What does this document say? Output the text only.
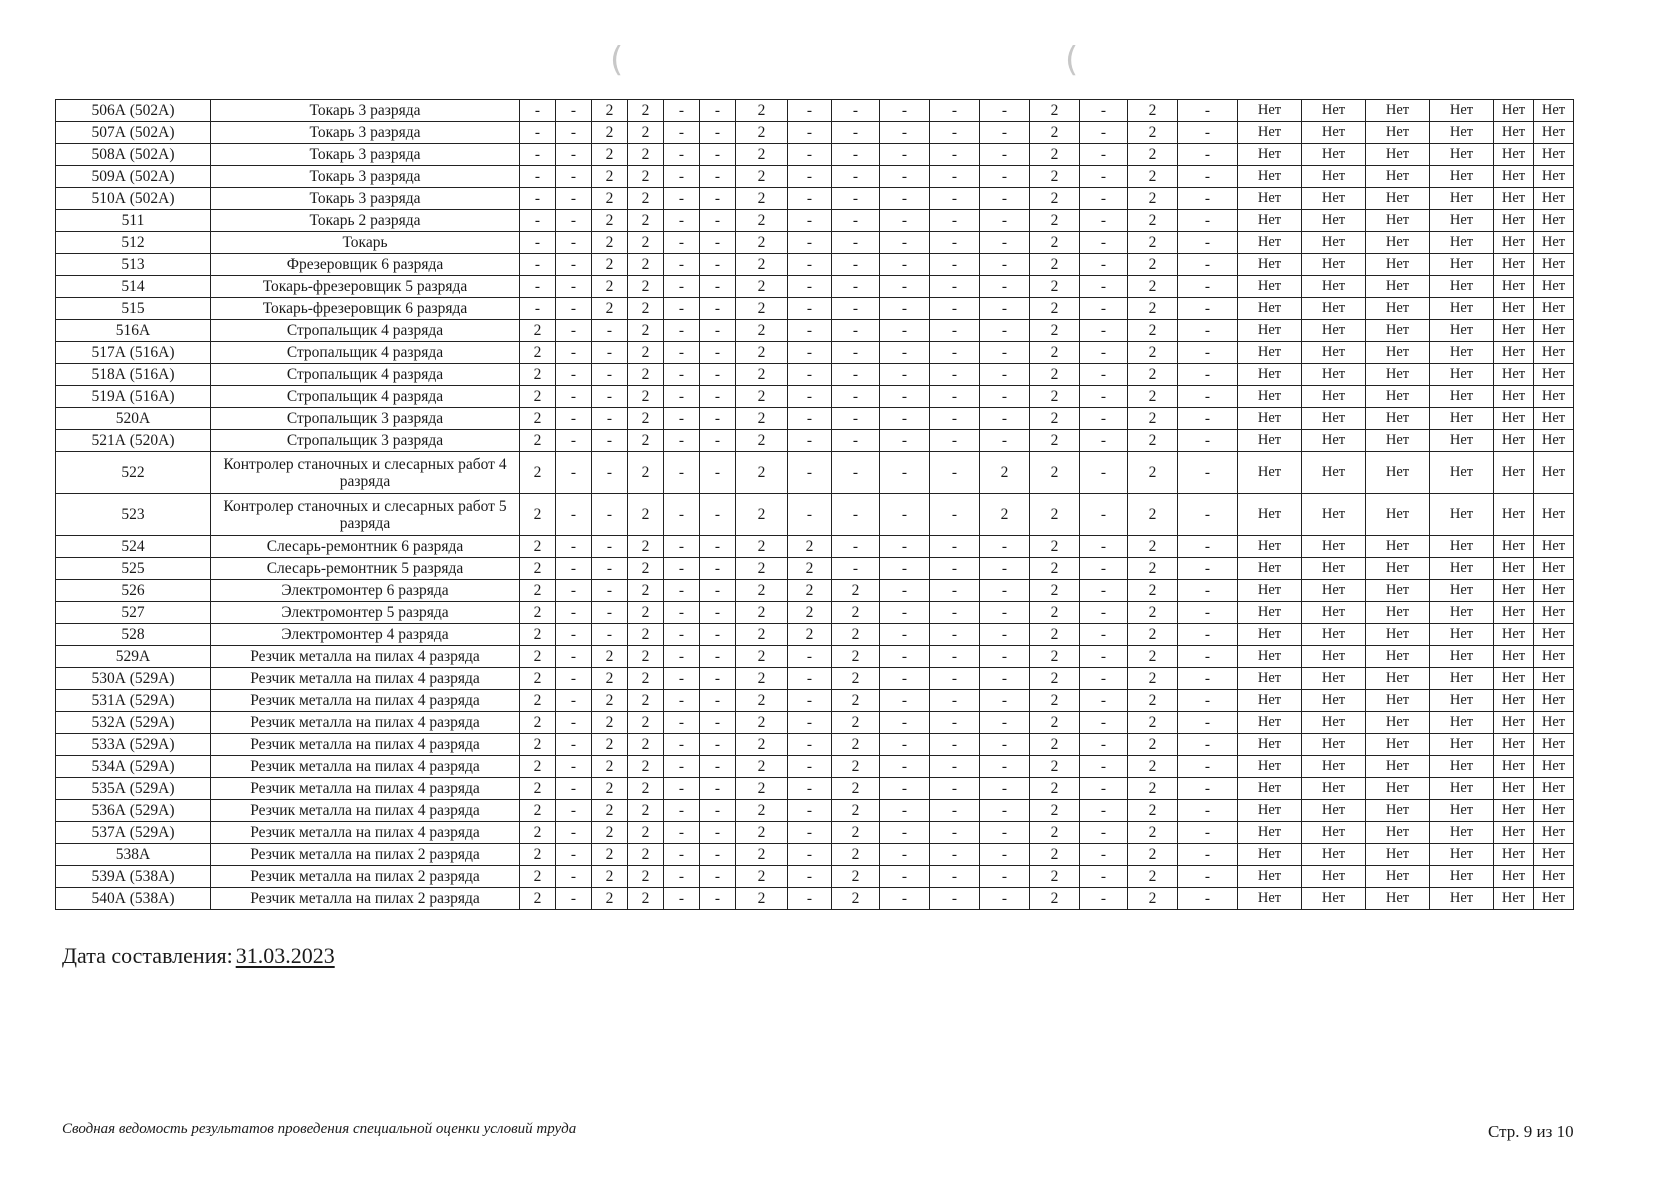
(	(
506А (502А)	Токарь 3 разряда	-	-	2	2	-	-	2	-	-	-	-	-	2	-	2	-	Нет	Нет	Нет	Нет	Нет	Нет
507А (502А)	Токарь 3 разряда	-	-	2	2	-	-	2	-	-	-	-	-	2	-	2	-	Нет	Нет	Нет	Нет	Нет	Нет
508А (502А)	Токарь 3 разряда	-	-	2	2	-	-	2	-	-	-	-	-	2	-	2	-	Нет	Нет	Нет	Нет	Нет	Нет
509А (502А)	Токарь 3 разряда	-	-	2	2	-	-	2	-	-	-	-	-	2	-	2	-	Нет	Нет	Нет	Нет	Нет	Нет
510А (502А)	Токарь 3 разряда	-	-	2	2	-	-	2	-	-	-	-	-	2	-	2	-	Нет	Нет	Нет	Нет	Нет	Нет
511	Токарь 2 разряда	-	-	2	2	-	-	2	-	-	-	-	-	2	-	2	-	Нет	Нет	Нет	Нет	Нет	Нет
512	Токарь	-	-	2	2	-	-	2	-	-	-	-	-	2	-	2	-	Нет	Нет	Нет	Нет	Нет	Нет
513	Фрезеровщик 6 разряда	-	-	2	2	-	-	2	-	-	-	-	-	2	-	2	-	Нет	Нет	Нет	Нет	Нет	Нет
514	Токарь-фрезеровщик 5 разряда	-	-	2	2	-	-	2	-	-	-	-	-	2	-	2	-	Нет	Нет	Нет	Нет	Нет	Нет
515	Токарь-фрезеровщик 6 разряда	-	-	2	2	-	-	2	-	-	-	-	-	2	-	2	-	Нет	Нет	Нет	Нет	Нет	Нет
516А	Стропальщик 4 разряда	2	-	-	2	-	-	2	-	-	-	-	-	2	-	2	-	Нет	Нет	Нет	Нет	Нет	Нет
517А (516А)	Стропальщик 4 разряда	2	-	-	2	-	-	2	-	-	-	-	-	2	-	2	-	Нет	Нет	Нет	Нет	Нет	Нет
518А (516А)	Стропальщик 4 разряда	2	-	-	2	-	-	2	-	-	-	-	-	2	-	2	-	Нет	Нет	Нет	Нет	Нет	Нет
519А (516А)	Стропальщик 4 разряда	2	-	-	2	-	-	2	-	-	-	-	-	2	-	2	-	Нет	Нет	Нет	Нет	Нет	Нет
520А	Стропальщик 3 разряда	2	-	-	2	-	-	2	-	-	-	-	-	2	-	2	-	Нет	Нет	Нет	Нет	Нет	Нет
521А (520А)	Стропальщик 3 разряда	2	-	-	2	-	-	2	-	-	-	-	-	2	-	2	-	Нет	Нет	Нет	Нет	Нет	Нет
522	Контролер станочных и слесарных работ 4 разряда	2	-	-	2	-	-	2	-	-	-	-	2	2	-	2	-	Нет	Нет	Нет	Нет	Нет	Нет
523	Контролер станочных и слесарных работ 5 разряда	2	-	-	2	-	-	2	-	-	-	-	2	2	-	2	-	Нет	Нет	Нет	Нет	Нет	Нет
524	Слесарь-ремонтник 6 разряда	2	-	-	2	-	-	2	2	-	-	-	-	2	-	2	-	Нет	Нет	Нет	Нет	Нет	Нет
525	Слесарь-ремонтник 5 разряда	2	-	-	2	-	-	2	2	-	-	-	-	2	-	2	-	Нет	Нет	Нет	Нет	Нет	Нет
526	Электромонтер 6 разряда	2	-	-	2	-	-	2	2	2	-	-	-	2	-	2	-	Нет	Нет	Нет	Нет	Нет	Нет
527	Электромонтер 5 разряда	2	-	-	2	-	-	2	2	2	-	-	-	2	-	2	-	Нет	Нет	Нет	Нет	Нет	Нет
528	Электромонтер 4 разряда	2	-	-	2	-	-	2	2	2	-	-	-	2	-	2	-	Нет	Нет	Нет	Нет	Нет	Нет
529А	Резчик металла на пилах 4 разряда	2	-	2	2	-	-	2	-	2	-	-	-	2	-	2	-	Нет	Нет	Нет	Нет	Нет	Нет
530А (529А)	Резчик металла на пилах 4 разряда	2	-	2	2	-	-	2	-	2	-	-	-	2	-	2	-	Нет	Нет	Нет	Нет	Нет	Нет
531А (529А)	Резчик металла на пилах 4 разряда	2	-	2	2	-	-	2	-	2	-	-	-	2	-	2	-	Нет	Нет	Нет	Нет	Нет	Нет
532А (529А)	Резчик металла на пилах 4 разряда	2	-	2	2	-	-	2	-	2	-	-	-	2	-	2	-	Нет	Нет	Нет	Нет	Нет	Нет
533А (529А)	Резчик металла на пилах 4 разряда	2	-	2	2	-	-	2	-	2	-	-	-	2	-	2	-	Нет	Нет	Нет	Нет	Нет	Нет
534А (529А)	Резчик металла на пилах 4 разряда	2	-	2	2	-	-	2	-	2	-	-	-	2	-	2	-	Нет	Нет	Нет	Нет	Нет	Нет
535А (529А)	Резчик металла на пилах 4 разряда	2	-	2	2	-	-	2	-	2	-	-	-	2	-	2	-	Нет	Нет	Нет	Нет	Нет	Нет
536А (529А)	Резчик металла на пилах 4 разряда	2	-	2	2	-	-	2	-	2	-	-	-	2	-	2	-	Нет	Нет	Нет	Нет	Нет	Нет
537А (529А)	Резчик металла на пилах 4 разряда	2	-	2	2	-	-	2	-	2	-	-	-	2	-	2	-	Нет	Нет	Нет	Нет	Нет	Нет
538А	Резчик металла на пилах 2 разряда	2	-	2	2	-	-	2	-	2	-	-	-	2	-	2	-	Нет	Нет	Нет	Нет	Нет	Нет
539А (538А)	Резчик металла на пилах 2 разряда	2	-	2	2	-	-	2	-	2	-	-	-	2	-	2	-	Нет	Нет	Нет	Нет	Нет	Нет
540А (538А)	Резчик металла на пилах 2 разряда	2	-	2	2	-	-	2	-	2	-	-	-	2	-	2	-	Нет	Нет	Нет	Нет	Нет	Нет
Дата составления: 31.03.2023
Сводная ведомость результатов проведения специальной оценки условий труда	Стр. 9 из 10
